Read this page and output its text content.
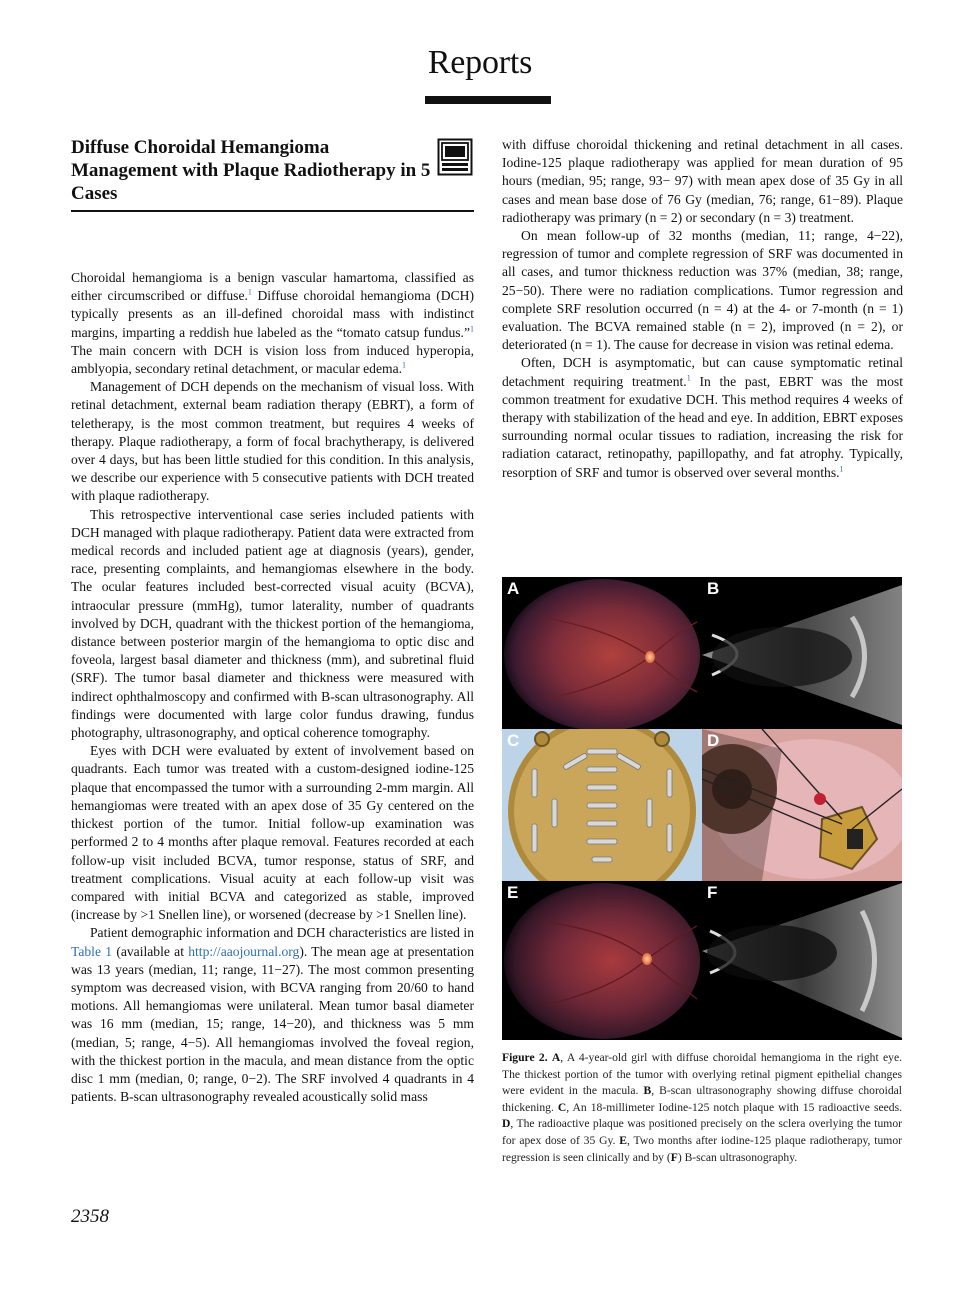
Reports
Diffuse Choroidal Hemangioma Management with Plaque Radiotherapy in 5 Cases

Choroidal hemangioma is a benign vascular hamartoma, classified as either circumscribed or diffuse.$^1$ Diffuse choroidal hemangioma (DCH) typically presents as an ill-defined choroidal mass with indistinct margins, imparting a reddish hue labeled as the “tomato catsup fundus.”$^1$ The main concern with DCH is vision loss from induced hyperopia, amblyopia, secondary retinal detachment, or macular edema.$^1$

Management of DCH depends on the mechanism of visual loss. With retinal detachment, external beam radiation therapy (EBRT), a form of teletherapy, is the most common treatment, but requires 4 weeks of therapy. Plaque radiotherapy, a form of focal brachytherapy, is delivered over 4 days, but has been little studied for this condition. In this analysis, we describe our experience with 5 consecutive patients with DCH treated with plaque radiotherapy.

This retrospective interventional case series included patients with DCH managed with plaque radiotherapy. Patient data were extracted from medical records and included patient age at diagnosis (years), gender, race, presenting complaints, and hemangiomas elsewhere in the body. The ocular features included best-corrected visual acuity (BCVA), intraocular pressure (mmHg), tumor laterality, number of quadrants involved by DCH, quadrant with the thickest portion of the hemangioma, distance between posterior margin of the hemangioma to optic disc and foveola, largest basal diameter and thickness (mm), and subretinal fluid (SRF). The tumor basal diameter and thickness were measured with indirect ophthalmoscopy and confirmed with B-scan ultrasonography. All findings were documented with large color fundus drawing, fundus photography, ultrasonography, and optical coherence tomography.

Eyes with DCH were evaluated by extent of involvement based on quadrants. Each tumor was treated with a custom-designed iodine-125 plaque that encompassed the tumor with a surrounding 2-mm margin. All hemangiomas were treated with an apex dose of 35 Gy centered on the thickest portion of the tumor. Initial follow-up examination was performed 2 to 4 months after plaque removal. Features recorded at each follow-up visit included BCVA, tumor response, status of SRF, and treatment complications. Visual acuity at each follow-up visit was compared with initial BCVA and categorized as stable, improved (increase by >1 Snellen line), or worsened (decrease by >1 Snellen line).

Patient demographic information and DCH characteristics are listed in Table 1 (available at http://aaojournal.org). The mean age at presentation was 13 years (median, 11; range, 11−27). The most common presenting symptom was decreased vision, with BCVA ranging from 20/60 to hand motions. All hemangiomas were unilateral. Mean tumor basal diameter was 16 mm (median, 15; range, 14−20), and thickness was 5 mm (median, 5; range, 4−5). All hemangiomas involved the foveal region, with the thickest portion in the macula, and mean distance from the optic disc 1 mm (median, 0; range, 0−2). The SRF involved 4 quadrants in 4 patients. B-scan ultrasonography revealed acoustically solid mass

with diffuse choroidal thickening and retinal detachment in all cases. Iodine-125 plaque radiotherapy was applied for mean duration of 95 hours (median, 95; range, 93− 97) with mean apex dose of 35 Gy in all cases and mean base dose of 76 Gy (median, 76; range, 61−89). Plaque radiotherapy was primary (n = 2) or secondary (n = 3) treatment.

On mean follow-up of 32 months (median, 11; range, 4−22), regression of tumor and complete regression of SRF was documented in all cases, and tumor thickness reduction was 37% (median, 38; range, 25−50). There were no radiation complications. Tumor regression and complete SRF resolution occurred (n = 4) at the 4- or 7-month (n = 1) evaluation. The BCVA remained stable (n = 2), improved (n = 2), or deteriorated (n = 1). The cause for decrease in vision was retinal edema.

Often, DCH is asymptomatic, but can cause symptomatic retinal detachment requiring treatment.$^1$ In the past, EBRT was the most common treatment for exudative DCH. This method requires 4 weeks of therapy with stabilization of the head and eye. In addition, EBRT exposes surrounding normal ocular tissues to radiation, increasing the risk for radiation cataract, retinopathy, papillopathy, and fat atrophy. Typically, resorption of SRF and tumor is observed over several months.$^1$

A	B
C	D
E	F
Figure 2. A, A 4-year-old girl with diffuse choroidal hemangioma in the right eye. The thickest portion of the tumor with overlying retinal pigment epithelial changes were evident in the macula. B, B-scan ultrasonography showing diffuse choroidal thickening. C, An 18-millimeter Iodine-125 notch plaque with 15 radioactive seeds. D, The radioactive plaque was positioned precisely on the sclera overlying the tumor for apex dose of 35 Gy. E, Two months after iodine-125 plaque radiotherapy, tumor regression is seen clinically and by (F) B-scan ultrasonography.
2358
